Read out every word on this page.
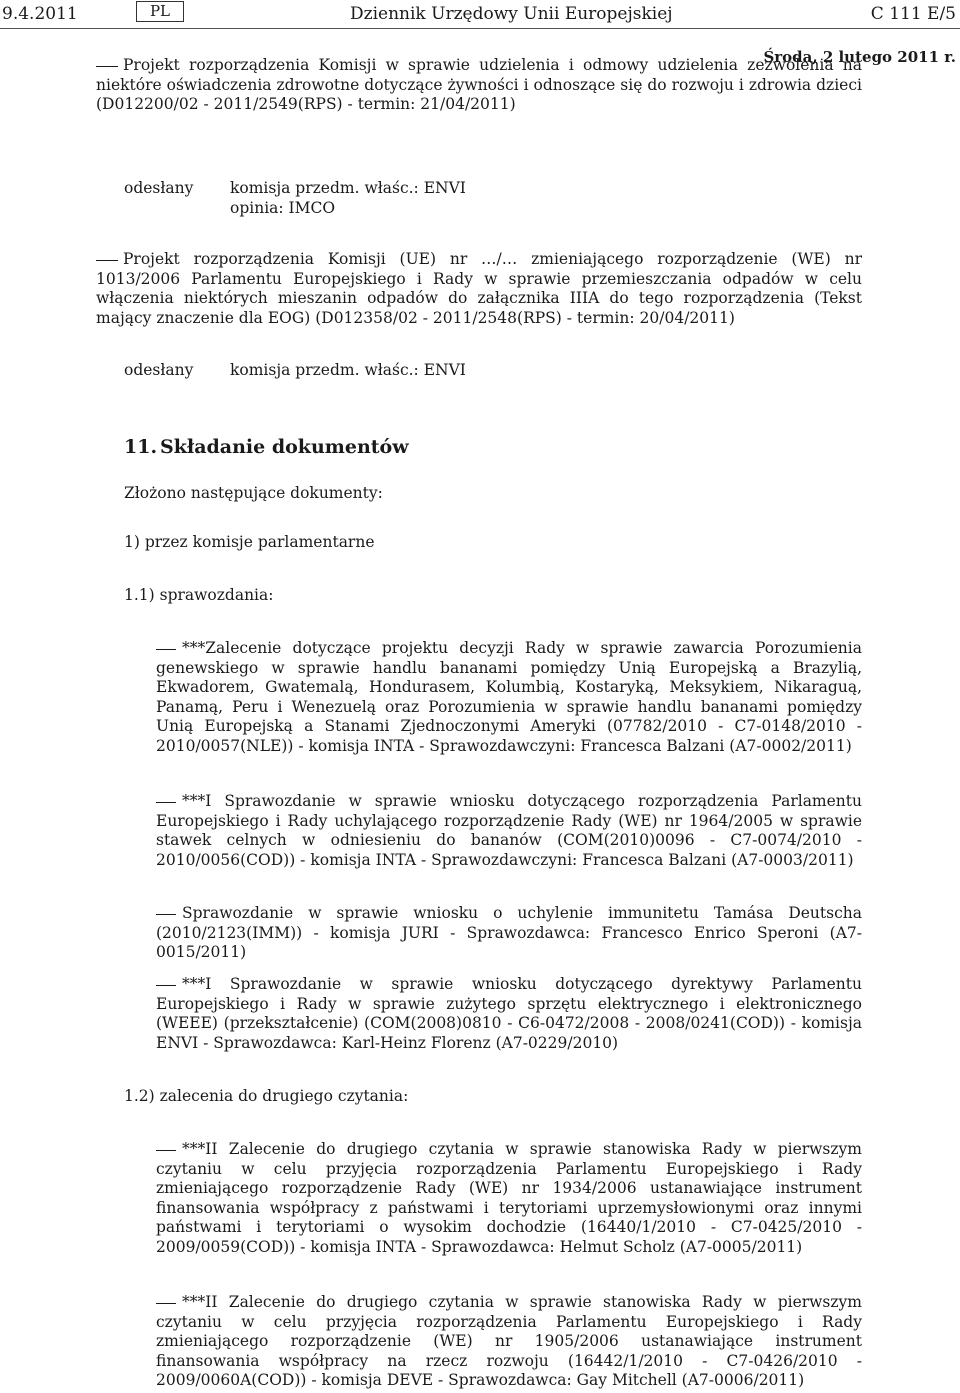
9.4.2011	PL	Dziennik Urzędowy Unii Europejskiej	C 111 E/5
Środa, 2 lutego 2011 r.
Projekt rozporządzenia Komisji w sprawie udzielenia i odmowy udzielenia zezwolenia na niektóre oświadczenia zdrowotne dotyczące żywności i odnoszące się do rozwoju i zdrowia dzieci (D012200/02 - 2011/2549(RPS) - termin: 21/04/2011)
odesłany komisja przedm. właśc.: ENVI
opinia: IMCO
Projekt rozporządzenia Komisji (UE) nr …/… zmieniającego rozporządzenie (WE) nr 1013/2006 Parlamentu Europejskiego i Rady w sprawie przemieszczania odpadów w celu włączenia niektórych mieszanin odpadów do załącznika IIIA do tego rozporządzenia (Tekst mający znaczenie dla EOG) (D012358/02 - 2011/2548(RPS) - termin: 20/04/2011)
odesłany komisja przedm. właśc.: ENVI
11. Składanie dokumentów
Złożono następujące dokumenty:
1) przez komisje parlamentarne
1.1) sprawozdania:
***Zalecenie dotyczące projektu decyzji Rady w sprawie zawarcia Porozumienia genewskiego w sprawie handlu bananami pomiędzy Unią Europejską a Brazylią, Ekwadorem, Gwatemalą, Hondurasem, Kolumbią, Kostaryką, Meksykiem, Nikaraguą, Panamą, Peru i Wenezuelą oraz Porozumienia w sprawie handlu bananami pomiędzy Unią Europejską a Stanami Zjednoczonymi Ameryki (07782/2010 - C7-0148/2010 - 2010/0057(NLE)) - komisja INTA - Sprawozdawczyni: Francesca Balzani (A7-0002/2011)
***I Sprawozdanie w sprawie wniosku dotyczącego rozporządzenia Parlamentu Europejskiego i Rady uchylającego rozporządzenie Rady (WE) nr 1964/2005 w sprawie stawek celnych w odniesieniu do bananów (COM(2010)0096 - C7-0074/2010 - 2010/0056(COD)) - komisja INTA - Sprawozdawczyni: Francesca Balzani (A7-0003/2011)
Sprawozdanie w sprawie wniosku o uchylenie immunitetu Tamása Deutscha (2010/2123(IMM)) - komisja JURI - Sprawozdawca: Francesco Enrico Speroni (A7-0015/2011)
***I Sprawozdanie w sprawie wniosku dotyczącego dyrektywy Parlamentu Europejskiego i Rady w sprawie zużytego sprzętu elektrycznego i elektronicznego (WEEE) (przekształcenie) (COM(2008)0810 - C6-0472/2008 - 2008/0241(COD)) - komisja ENVI - Sprawozdawca: Karl-Heinz Florenz (A7-0229/2010)
1.2) zalecenia do drugiego czytania:
***II Zalecenie do drugiego czytania w sprawie stanowiska Rady w pierwszym czytaniu w celu przyjęcia rozporządzenia Parlamentu Europejskiego i Rady zmieniającego rozporządzenie Rady (WE) nr 1934/2006 ustanawiające instrument finansowania współpracy z państwami i terytoriami uprzemysłowionymi oraz innymi państwami i terytoriami o wysokim dochodzie (16440/1/2010 - C7-0425/2010 - 2009/0059(COD)) - komisja INTA - Sprawozdawca: Helmut Scholz (A7-0005/2011)
***II Zalecenie do drugiego czytania w sprawie stanowiska Rady w pierwszym czytaniu w celu przyjęcia rozporządzenia Parlamentu Europejskiego i Rady zmieniającego rozporządzenie (WE) nr 1905/2006 ustanawiające instrument finansowania współpracy na rzecz rozwoju (16442/1/2010 - C7-0426/2010 - 2009/0060A(COD)) - komisja DEVE - Sprawozdawca: Gay Mitchell (A7-0006/2011)
